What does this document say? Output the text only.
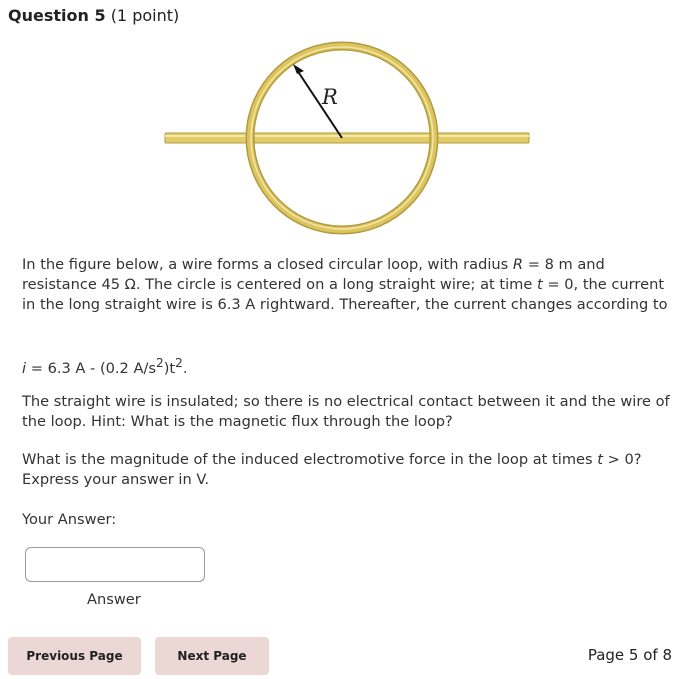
Question 5 (1 point)
R
In the figure below, a wire forms a closed circular loop, with radius R = 8 m and resistance 45 Ω. The circle is centered on a long straight wire; at time t = 0, the current in the long straight wire is 6.3 A rightward. Thereafter, the current changes according to
i = 6.3 A - (0.2 $A/s^2)t^2$.
The straight wire is insulated; so there is no electrical contact between it and the wire of the loop. Hint: What is the magnetic flux through the loop?
What is the magnitude of the induced electromotive force in the loop at times t > 0? Express your answer in V.
Your Answer:
Answer
Previous Page	Next Page	Page 5 of 8
